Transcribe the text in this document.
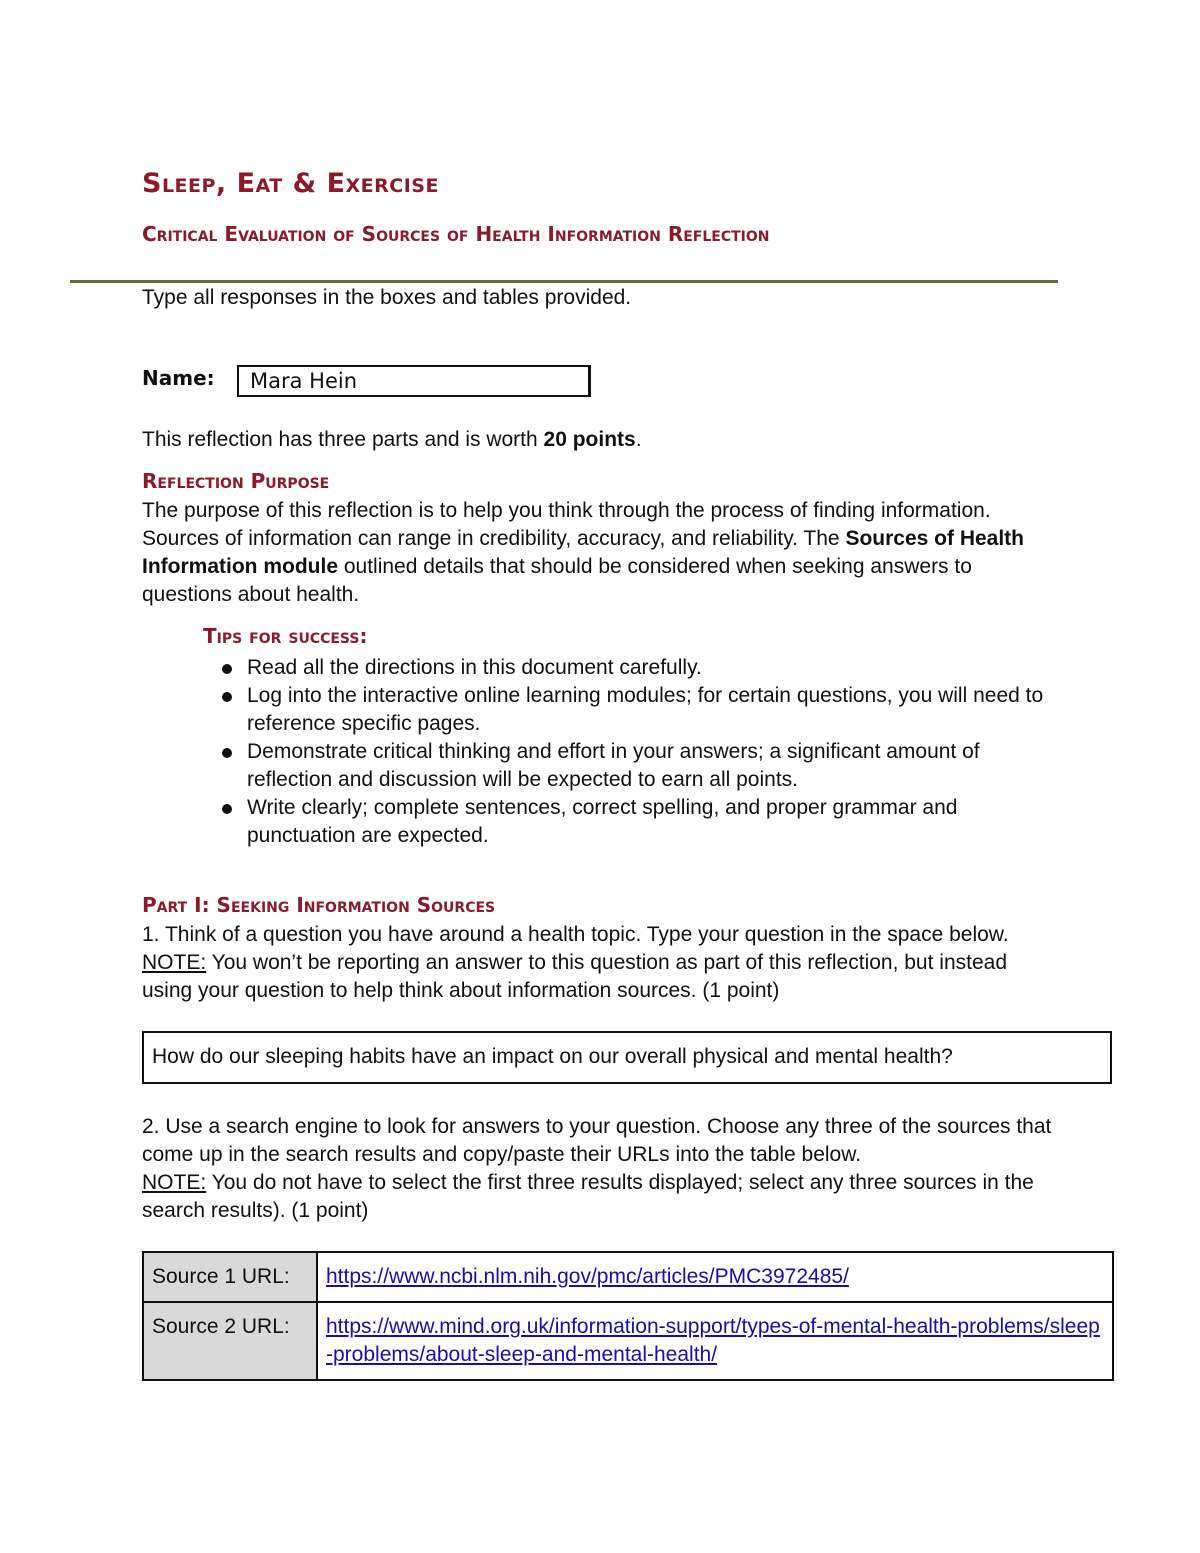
Sleep, Eat & Exercise
Critical Evaluation of Sources of Health Information Reflection
Type all responses in the boxes and tables provided.
Name: Mara Hein
This reflection has three parts and is worth 20 points.
Reflection Purpose
The purpose of this reflection is to help you think through the process of finding information. Sources of information can range in credibility, accuracy, and reliability. The Sources of Health Information module outlined details that should be considered when seeking answers to questions about health.
Tips for success:
Read all the directions in this document carefully.
Log into the interactive online learning modules; for certain questions, you will need to reference specific pages.
Demonstrate critical thinking and effort in your answers; a significant amount of reflection and discussion will be expected to earn all points.
Write clearly; complete sentences, correct spelling, and proper grammar and punctuation are expected.
Part I: Seeking Information Sources
1. Think of a question you have around a health topic. Type your question in the space below. NOTE: You won’t be reporting an answer to this question as part of this reflection, but instead using your question to help think about information sources. (1 point)
How do our sleeping habits have an impact on our overall physical and mental health?
2. Use a search engine to look for answers to your question. Choose any three of the sources that come up in the search results and copy/paste their URLs into the table below.
NOTE: You do not have to select the first three results displayed; select any three sources in the search results). (1 point)
Source 1 URL:	https://www.ncbi.nlm.nih.gov/pmc/articles/PMC3972485/
Source 2 URL:	https://www.mind.org.uk/information-support/types-of-mental-health-problems/sleep-problems/about-sleep-and-mental-health/
